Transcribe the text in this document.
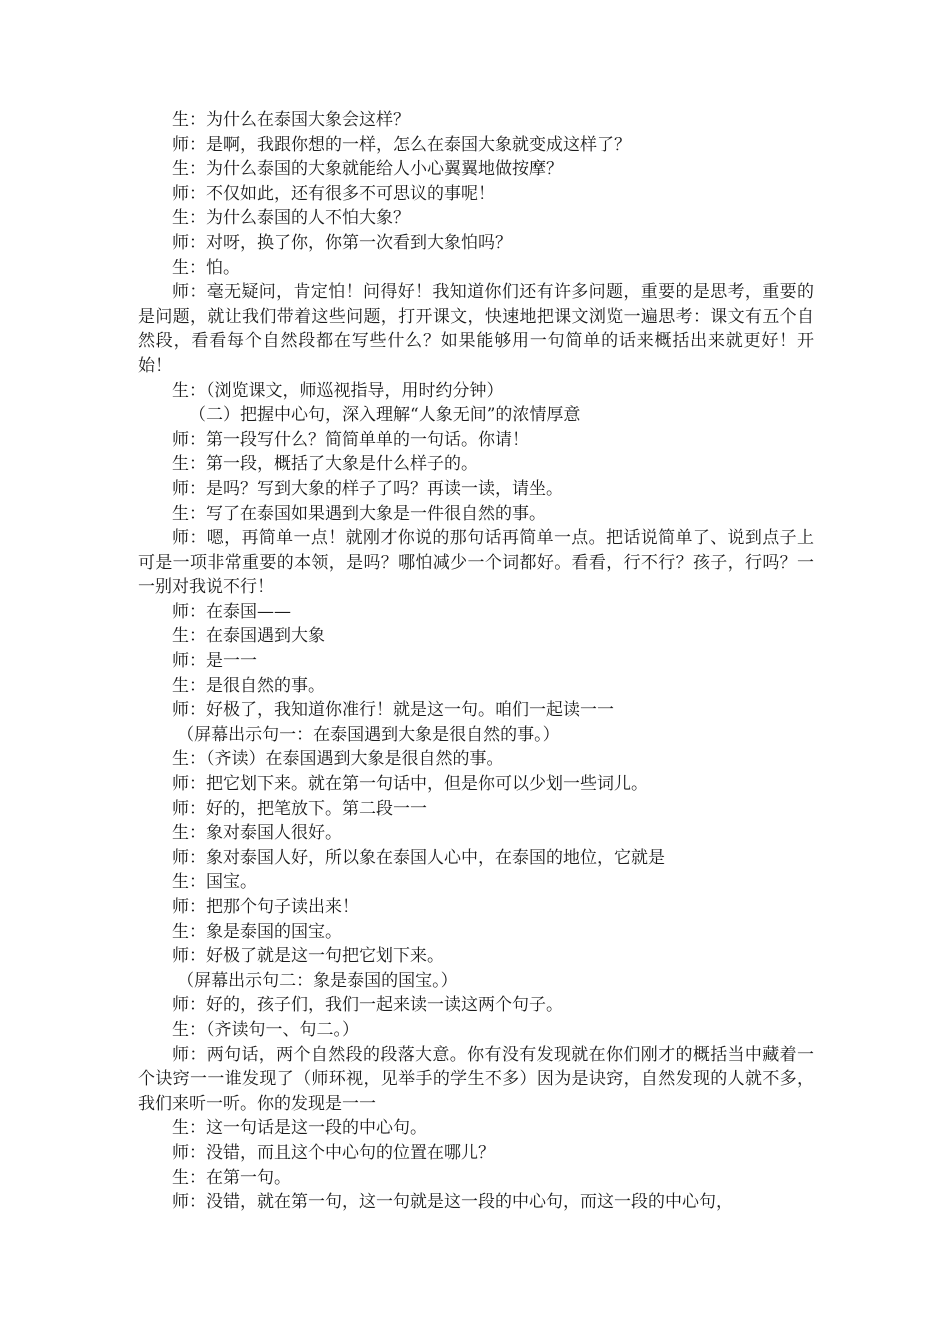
生：为什么在泰国大象会这样？

师：是啊，我跟你想的一样，怎么在泰国大象就变成这样了？

生：为什么泰国的大象就能给人小心翼翼地做按摩？

师：不仅如此，还有很多不可思议的事呢！

生：为什么泰国的人不怕大象？

师：对呀，换了你，你第一次看到大象怕吗？

生：怕。

师：毫无疑问，肯定怕！问得好！我知道你们还有许多问题，重要的是思考，重要的是问题，就让我们带着这些问题，打开课文，快速地把课文浏览一遍思考：课文有五个自然段，看看每个自然段都在写些什么？如果能够用一句简单的话来概括出来就更好！开始！

生：（浏览课文，师巡视指导，用时约分钟）

（二）把握中心句，深入理解“人象无间”的浓情厚意

师：第一段写什么？简简单单的一句话。你请！

生：第一段，概括了大象是什么样子的。

师：是吗？写到大象的样子了吗？再读一读，请坐。

生：写了在泰国如果遇到大象是一件很自然的事。

师：嗯，再简单一点！就刚才你说的那句话再简单一点。把话说简单了、说到点子上可是一项非常重要的本领，是吗？哪怕减少一个词都好。看看，行不行？孩子，行吗？一一别对我说不行！

师：在泰国——

生：在泰国遇到大象

师：是一一

生：是很自然的事。

师：好极了，我知道你准行！就是这一句。咱们一起读一一

（屏幕出示句一：在泰国遇到大象是很自然的事。）

生：（齐读）在泰国遇到大象是很自然的事。

师：把它划下来。就在第一句话中，但是你可以少划一些词儿。

师：好的，把笔放下。第二段一一

生：象对泰国人很好。

师：象对泰国人好，所以象在泰国人心中，在泰国的地位，它就是

生：国宝。

师：把那个句子读出来！

生：象是泰国的国宝。

师：好极了就是这一句把它划下来。

（屏幕出示句二：象是泰国的国宝。）

师：好的，孩子们，我们一起来读一读这两个句子。

生：（齐读句一、句二。）

师：两句话，两个自然段的段落大意。你有没有发现就在你们刚才的概括当中藏着一个诀窍一一谁发现了（师环视，见举手的学生不多）因为是诀窍，自然发现的人就不多，我们来听一听。你的发现是一一

生：这一句话是这一段的中心句。

师：没错，而且这个中心句的位置在哪儿？

生：在第一句。

师：没错，就在第一句，这一句就是这一段的中心句，而这一段的中心句，
